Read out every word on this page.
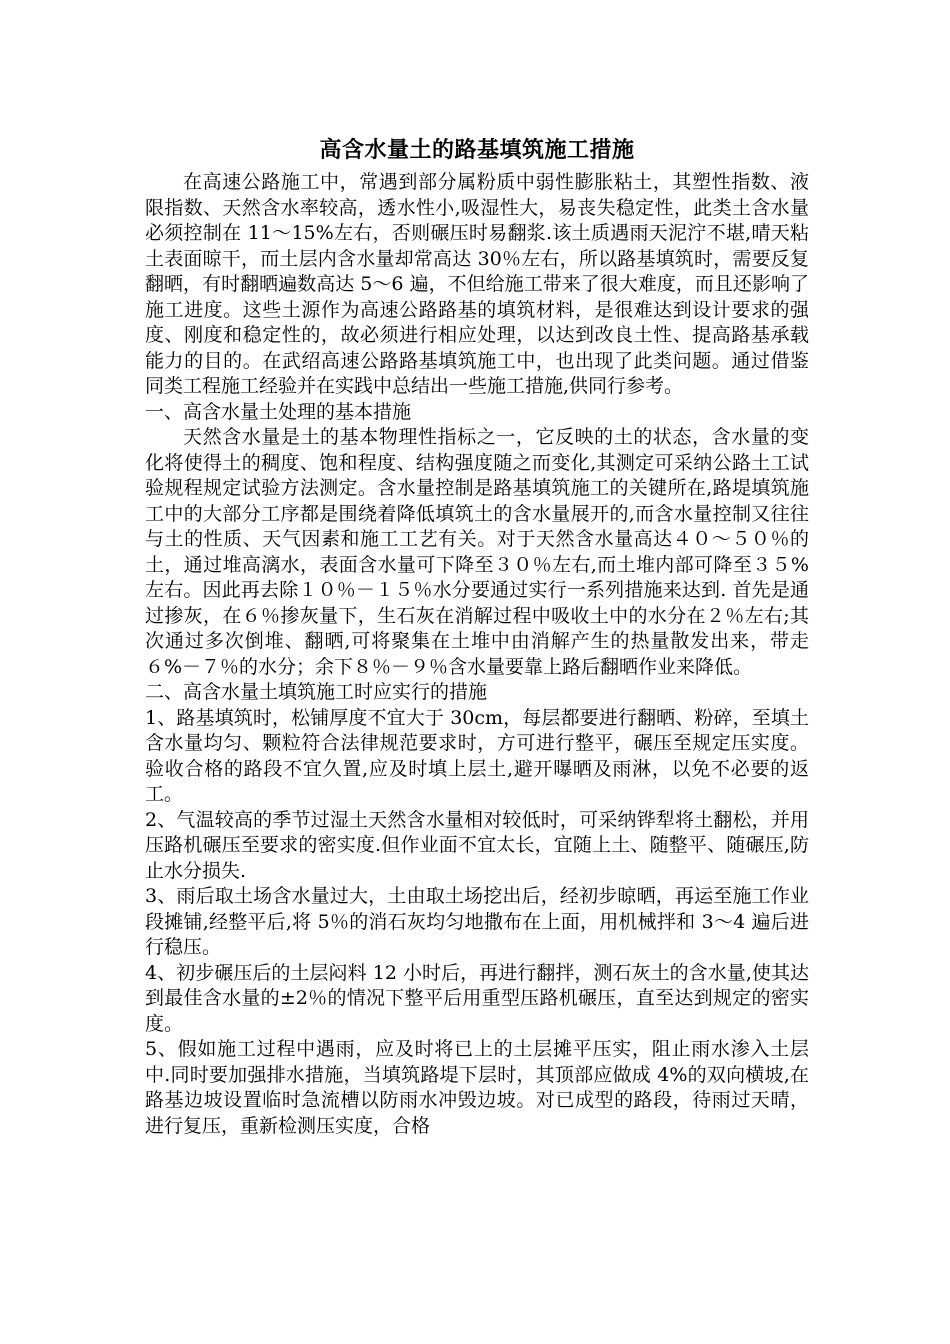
高含水量土的路基填筑施工措施

在高速公路施工中，常遇到部分属粉质中弱性膨胀粘土，其塑性指数、液限指数、天然含水率较高，透水性小,吸湿性大，易丧失稳定性，此类土含水量必须控制在 11～15%左右，否则碾压时易翻浆.该土质遇雨天泥泞不堪,晴天粘土表面晾干，而土层内含水量却常高达 30％左右，所以路基填筑时，需要反复翻晒，有时翻晒遍数高达 5～6 遍，不但给施工带来了很大难度，而且还影响了施工进度。这些土源作为高速公路路基的填筑材料，是很难达到设计要求的强度、刚度和稳定性的，故必须进行相应处理，以达到改良土性、提高路基承载能力的目的。在武绍高速公路路基填筑施工中，也出现了此类问题。通过借鉴同类工程施工经验并在实践中总结出一些施工措施,供同行参考。

一、高含水量土处理的基本措施

天然含水量是土的基本物理性指标之一，它反映的土的状态，含水量的变化将使得土的稠度、饱和程度、结构强度随之而变化,其测定可采纳公路土工试验规程规定试验方法测定。含水量控制是路基填筑施工的关键所在,路堤填筑施工中的大部分工序都是围绕着降低填筑土的含水量展开的,而含水量控制又往往与土的性质、天气因素和施工工艺有关。对于天然含水量高达４０～５０％的土，通过堆高漓水，表面含水量可下降至３０％左右,而土堆内部可降至３５%左右。因此再去除１０％－１５％水分要通过实行一系列措施来达到. 首先是通过掺灰，在６％掺灰量下，生石灰在消解过程中吸收土中的水分在２％左右;其次通过多次倒堆、翻晒,可将聚集在土堆中由消解产生的热量散发出来，带走６%－７％的水分；余下８％－９％含水量要靠上路后翻晒作业来降低。

二、高含水量土填筑施工时应实行的措施

1、路基填筑时，松铺厚度不宜大于 30cm，每层都要进行翻晒、粉碎，至填土含水量均匀、颗粒符合法律规范要求时，方可进行整平，碾压至规定压实度。验收合格的路段不宜久置,应及时填上层土,避开曝晒及雨淋，以免不必要的返工。

2、气温较高的季节过湿土天然含水量相对较低时，可采纳铧犁将土翻松，并用压路机碾压至要求的密实度.但作业面不宜太长，宜随上土、随整平、随碾压,防止水分损失.

3、雨后取土场含水量过大，土由取土场挖出后，经初步晾晒，再运至施工作业段摊铺,经整平后,将 5％的消石灰均匀地撒布在上面，用机械拌和 3～4 遍后进行稳压。

4、初步碾压后的土层闷料 12 小时后，再进行翻拌，测石灰土的含水量,使其达到最佳含水量的±2％的情况下整平后用重型压路机碾压，直至达到规定的密实度。

5、假如施工过程中遇雨，应及时将已上的土层摊平压实，阻止雨水渗入土层中.同时要加强排水措施，当填筑路堤下层时，其顶部应做成 4%的双向横坡,在路基边坡设置临时急流槽以防雨水冲毁边坡。对已成型的路段，待雨过天晴，进行复压，重新检测压实度，合格
